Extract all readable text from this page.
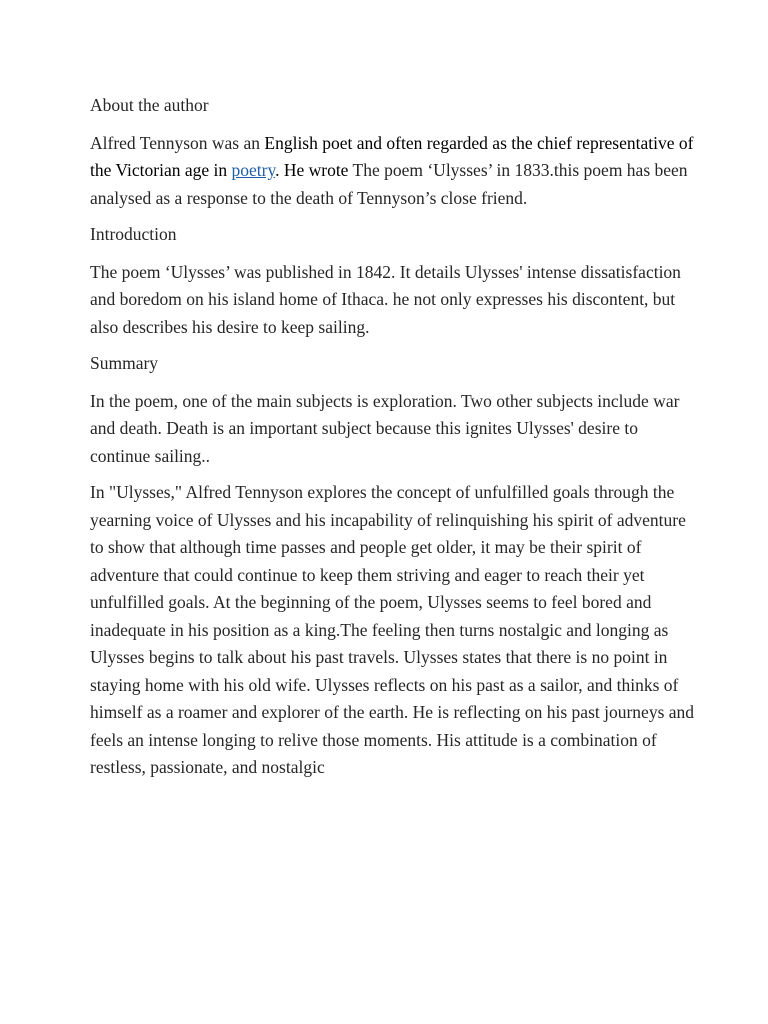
About the author
Alfred Tennyson was an English poet and often regarded as the chief representative of the Victorian age in poetry. He wrote The poem ‘Ulysses’ in 1833.this poem has been analysed as a response to the death of Tennyson’s close friend.
Introduction
The poem ‘Ulysses’ was published in 1842. It details Ulysses' intense dissatisfaction and boredom on his island home of Ithaca. he not only expresses his discontent, but also describes his desire to keep sailing.
Summary
In the poem, one of the main subjects is exploration. Two other subjects include war and death. Death is an important subject because this ignites Ulysses' desire to continue sailing..
In "Ulysses," Alfred Tennyson explores the concept of unfulfilled goals through the yearning voice of Ulysses and his incapability of relinquishing his spirit of adventure to show that although time passes and people get older, it may be their spirit of adventure that could continue to keep them striving and eager to reach their yet unfulfilled goals. At the beginning of the poem, Ulysses seems to feel bored and inadequate in his position as a king.The feeling then turns nostalgic and longing as Ulysses begins to talk about his past travels. Ulysses states that there is no point in staying home with his old wife. Ulysses reflects on his past as a sailor, and thinks of himself as a roamer and explorer of the earth. He is reflecting on his past journeys and feels an intense longing to relive those moments. His attitude is a combination of restless, passionate, and nostalgic
